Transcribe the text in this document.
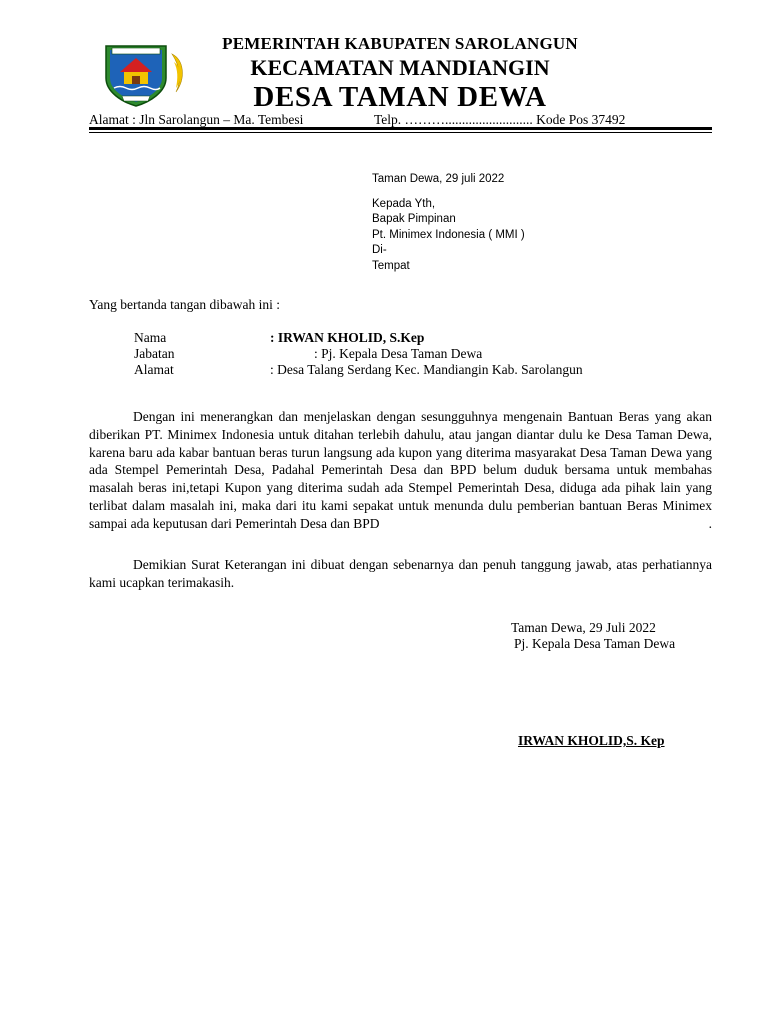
PEMERINTAH KABUPATEN SAROLANGUN
KECAMATAN MANDIANGIN
DESA TAMAN DEWA
Alamat : Jln Sarolangun – Ma. Tembesi	Telp. ……….......................... Kode Pos 37492
Taman Dewa, 29 juli 2022
Kepada Yth,
Bapak Pimpinan
Pt. Minimex Indonesia ( MMI )
Di-
Tempat
Yang bertanda tangan dibawah ini :
Nama	: IRWAN KHOLID, S.Kep
Jabatan	: Pj. Kepala Desa Taman Dewa
Alamat	: Desa Talang Serdang Kec. Mandiangin Kab. Sarolangun
Dengan ini menerangkan dan menjelaskan dengan sesungguhnya mengenain Bantuan Beras yang akan diberikan PT. Minimex Indonesia untuk ditahan terlebih dahulu, atau jangan diantar dulu ke Desa Taman Dewa, karena baru ada kabar bantuan beras turun langsung ada kupon yang diterima masyarakat Desa Taman Dewa yang ada Stempel Pemerintah Desa, Padahal Pemerintah Desa dan BPD belum duduk bersama untuk membahas masalah beras ini,tetapi Kupon yang diterima sudah ada Stempel Pemerintah Desa, diduga ada pihak lain yang terlibat dalam masalah ini, maka dari itu kami sepakat untuk menunda dulu pemberian bantuan Beras Minimex sampai ada keputusan dari Pemerintah Desa dan BPD	.
Demikian Surat Keterangan ini dibuat dengan sebenarnya dan penuh tanggung jawab, atas perhatiannya kami ucapkan terimakasih.
Taman Dewa, 29 Juli 2022
Pj. Kepala Desa Taman Dewa
IRWAN KHOLID,S. Kep
